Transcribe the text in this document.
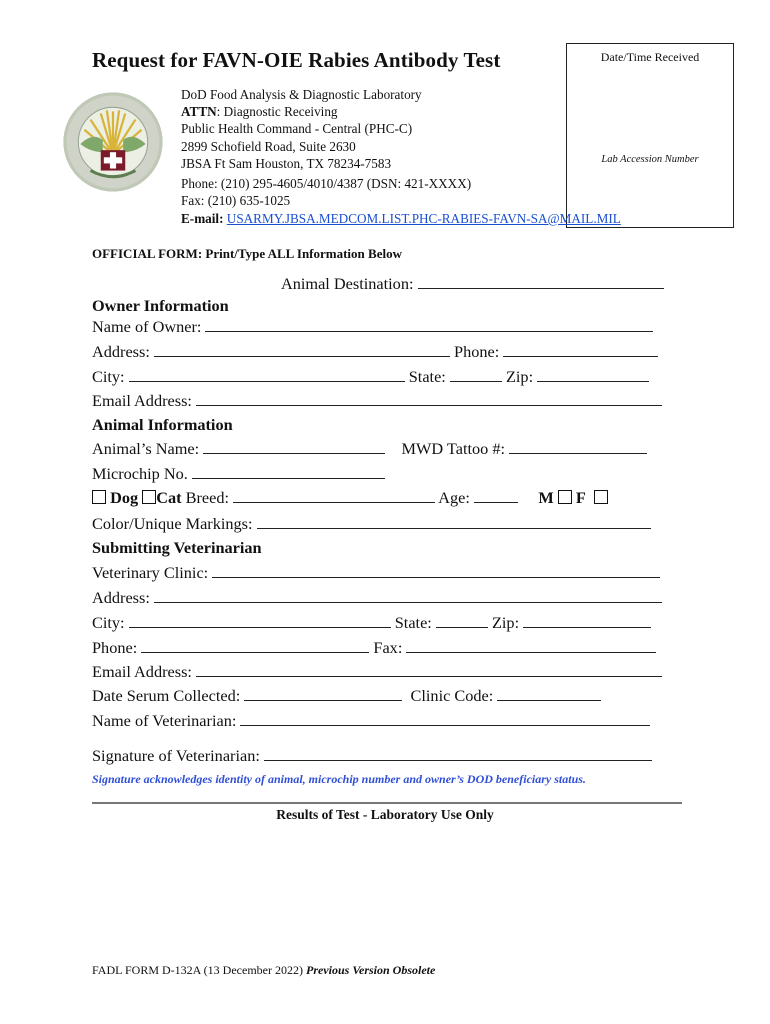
Request for FAVN-OIE Rabies Antibody Test	Date/Time Received
Lab Accession Number
DoD Food Analysis & Diagnostic Laboratory
ATTN: Diagnostic Receiving
Public Health Command - Central (PHC-C)
2899 Schofield Road, Suite 2630
JBSA Ft Sam Houston, TX 78234-7583
Phone: (210) 295-4605/4010/4387 (DSN: 421-XXXX)
Fax: (210) 635-1025
E-mail: USARMY.JBSA.MEDCOM.LIST.PHC-RABIES-FAVN-SA@MAIL.MIL
OFFICIAL FORM: Print/Type ALL Information Below
Animal Destination:
Owner Information
Name of Owner:
Address:	Phone:
City:	State:	Zip:
Email Address:
Animal Information
Animal’s Name:	MWD Tattoo #:
Microchip No.
Dog Cat Breed:	Age:	M F
Color/Unique Markings:
Submitting Veterinarian
Veterinary Clinic:
Address:
City:	State:	Zip:
Phone:	Fax:
Email Address:
Date Serum Collected:	Clinic Code:
Name of Veterinarian:
Signature of Veterinarian:
Signature acknowledges identity of animal, microchip number and owner’s DOD beneficiary status.
Results of Test - Laboratory Use Only
FADL FORM D-132A (13 December 2022) Previous Version Obsolete
